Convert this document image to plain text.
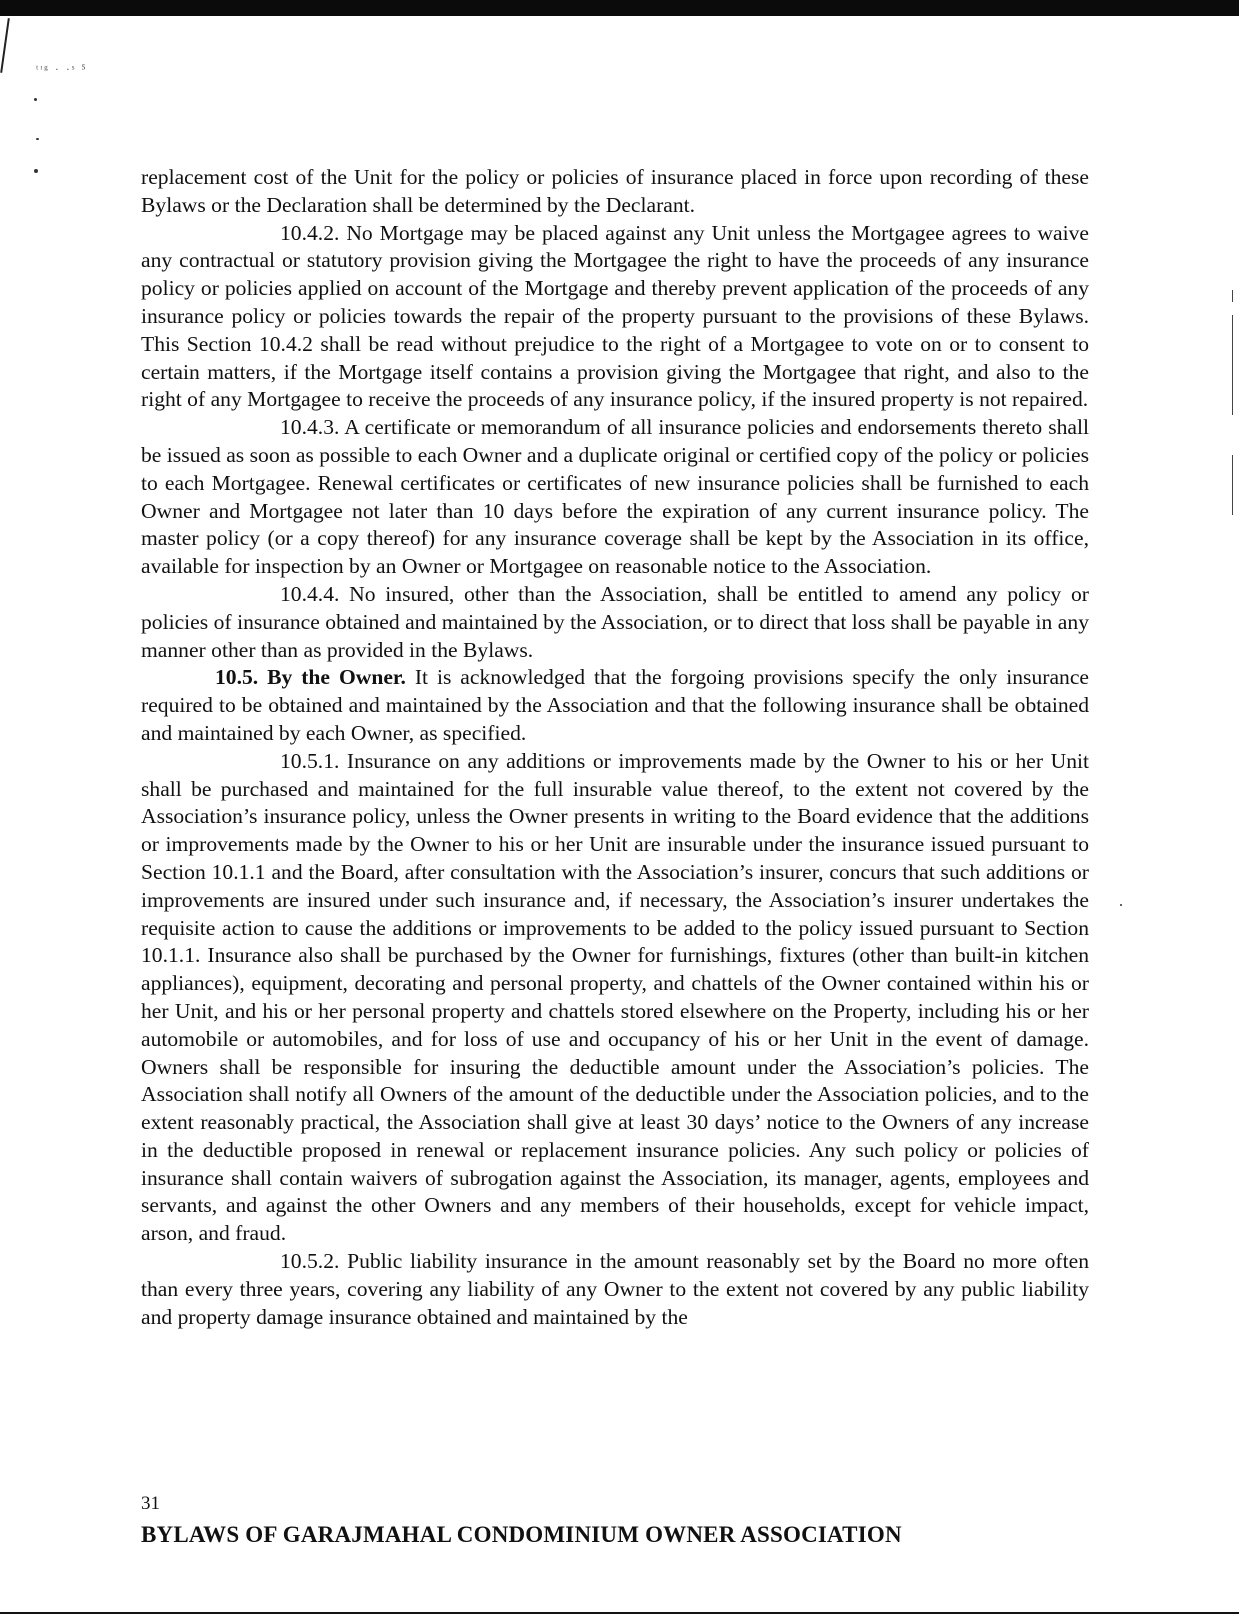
ᵗᶦᵍ · ·ˢ ⁵

replacement cost of the Unit for the policy or policies of insurance placed in force upon recording of these Bylaws or the Declaration shall be determined by the Declarant.

10.4.2. No Mortgage may be placed against any Unit unless the Mortgagee agrees to waive any contractual or statutory provision giving the Mortgagee the right to have the proceeds of any insurance policy or policies applied on account of the Mortgage and thereby prevent application of the proceeds of any insurance policy or policies towards the repair of the property pursuant to the provisions of these Bylaws. This Section 10.4.2 shall be read without prejudice to the right of a Mortgagee to vote on or to consent to certain matters, if the Mortgage itself contains a provision giving the Mortgagee that right, and also to the right of any Mortgagee to receive the proceeds of any insurance policy, if the insured property is not repaired.

10.4.3. A certificate or memorandum of all insurance policies and endorsements thereto shall be issued as soon as possible to each Owner and a duplicate original or certified copy of the policy or policies to each Mortgagee. Renewal certificates or certificates of new insurance policies shall be furnished to each Owner and Mortgagee not later than 10 days before the expiration of any current insurance policy. The master policy (or a copy thereof) for any insurance coverage shall be kept by the Association in its office, available for inspection by an Owner or Mortgagee on reasonable notice to the Association.

10.4.4. No insured, other than the Association, shall be entitled to amend any policy or policies of insurance obtained and maintained by the Association, or to direct that loss shall be payable in any manner other than as provided in the Bylaws.

10.5. By the Owner. It is acknowledged that the forgoing provisions specify the only insurance required to be obtained and maintained by the Association and that the following insurance shall be obtained and maintained by each Owner, as specified.

10.5.1. Insurance on any additions or improvements made by the Owner to his or her Unit shall be purchased and maintained for the full insurable value thereof, to the extent not covered by the Association’s insurance policy, unless the Owner presents in writing to the Board evidence that the additions or improvements made by the Owner to his or her Unit are insurable under the insurance issued pursuant to Section 10.1.1 and the Board, after consultation with the Association’s insurer, concurs that such additions or improvements are insured under such insurance and, if necessary, the Association’s insurer undertakes the requisite action to cause the additions or improvements to be added to the policy issued pursuant to Section 10.1.1. Insurance also shall be purchased by the Owner for furnishings, fixtures (other than built-in kitchen appliances), equipment, decorating and personal property, and chattels of the Owner contained within his or her Unit, and his or her personal property and chattels stored elsewhere on the Property, including his or her automobile or automobiles, and for loss of use and occupancy of his or her Unit in the event of damage. Owners shall be responsible for insuring the deductible amount under the Association’s policies. The Association shall notify all Owners of the amount of the deductible under the Association policies, and to the extent reasonably practical, the Association shall give at least 30 days’ notice to the Owners of any increase in the deductible proposed in renewal or replacement insurance policies. Any such policy or policies of insurance shall contain waivers of subrogation against the Association, its manager, agents, employees and servants, and against the other Owners and any members of their households, except for vehicle impact, arson, and fraud.

10.5.2. Public liability insurance in the amount reasonably set by the Board no more often than every three years, covering any liability of any Owner to the extent not covered by any public liability and property damage insurance obtained and maintained by the

31
BYLAWS OF GARAJMAHAL CONDOMINIUM OWNER ASSOCIATION
